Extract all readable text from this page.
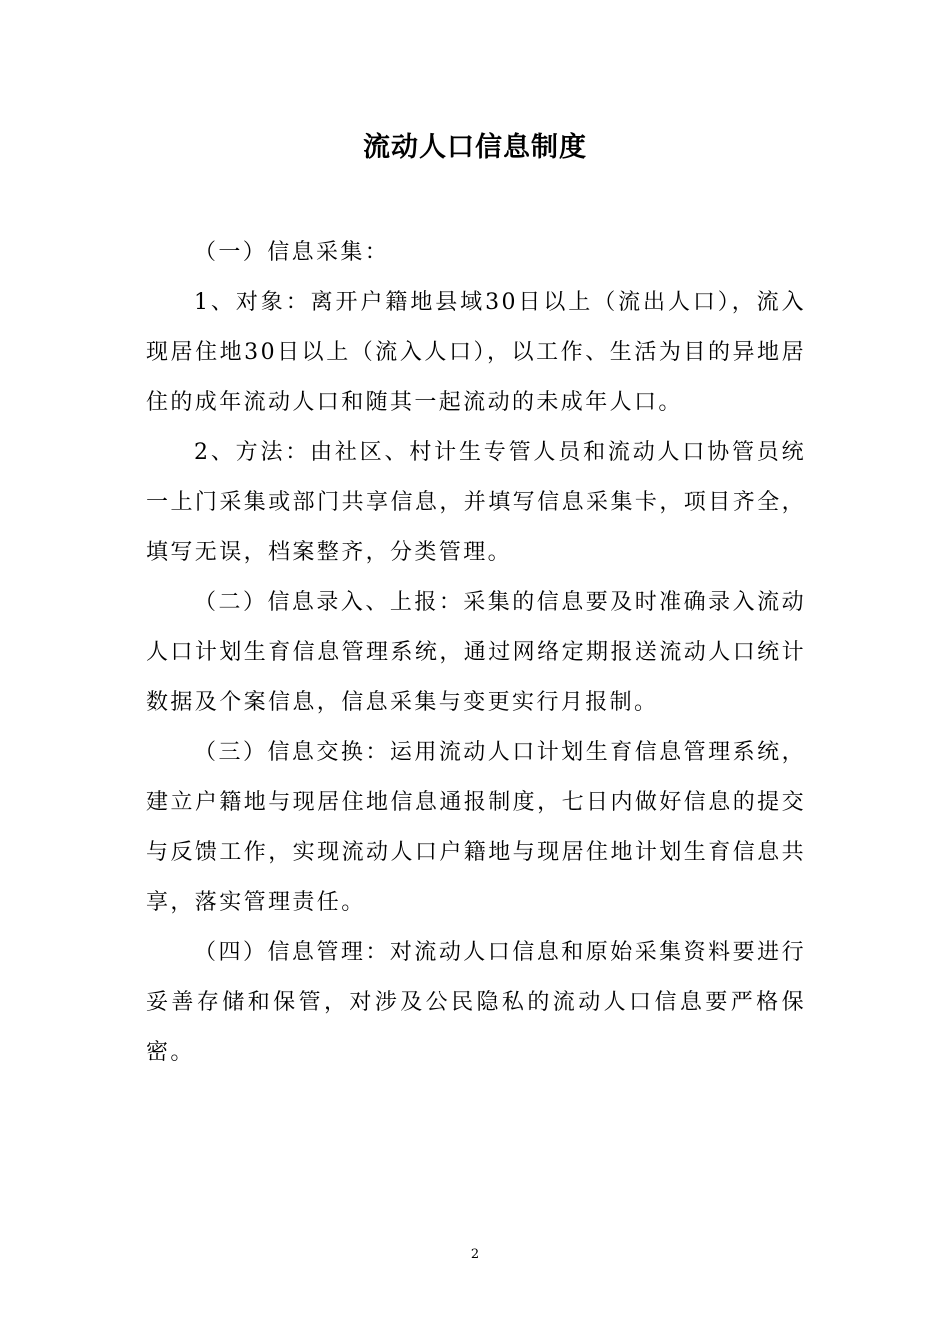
流动人口信息制度

（一）信息采集：

1、对象：离开户籍地县域30日以上（流出人口），流入现居住地30日以上（流入人口），以工作、生活为目的异地居住的成年流动人口和随其一起流动的未成年人口。

2、方法：由社区、村计生专管人员和流动人口协管员统一上门采集或部门共享信息，并填写信息采集卡，项目齐全，填写无误，档案整齐，分类管理。

（二）信息录入、上报：采集的信息要及时准确录入流动人口计划生育信息管理系统，通过网络定期报送流动人口统计数据及个案信息，信息采集与变更实行月报制。

（三）信息交换：运用流动人口计划生育信息管理系统，建立户籍地与现居住地信息通报制度，七日内做好信息的提交与反馈工作，实现流动人口户籍地与现居住地计划生育信息共享，落实管理责任。

（四）信息管理：对流动人口信息和原始采集资料要进行妥善存储和保管，对涉及公民隐私的流动人口信息要严格保密。

2
